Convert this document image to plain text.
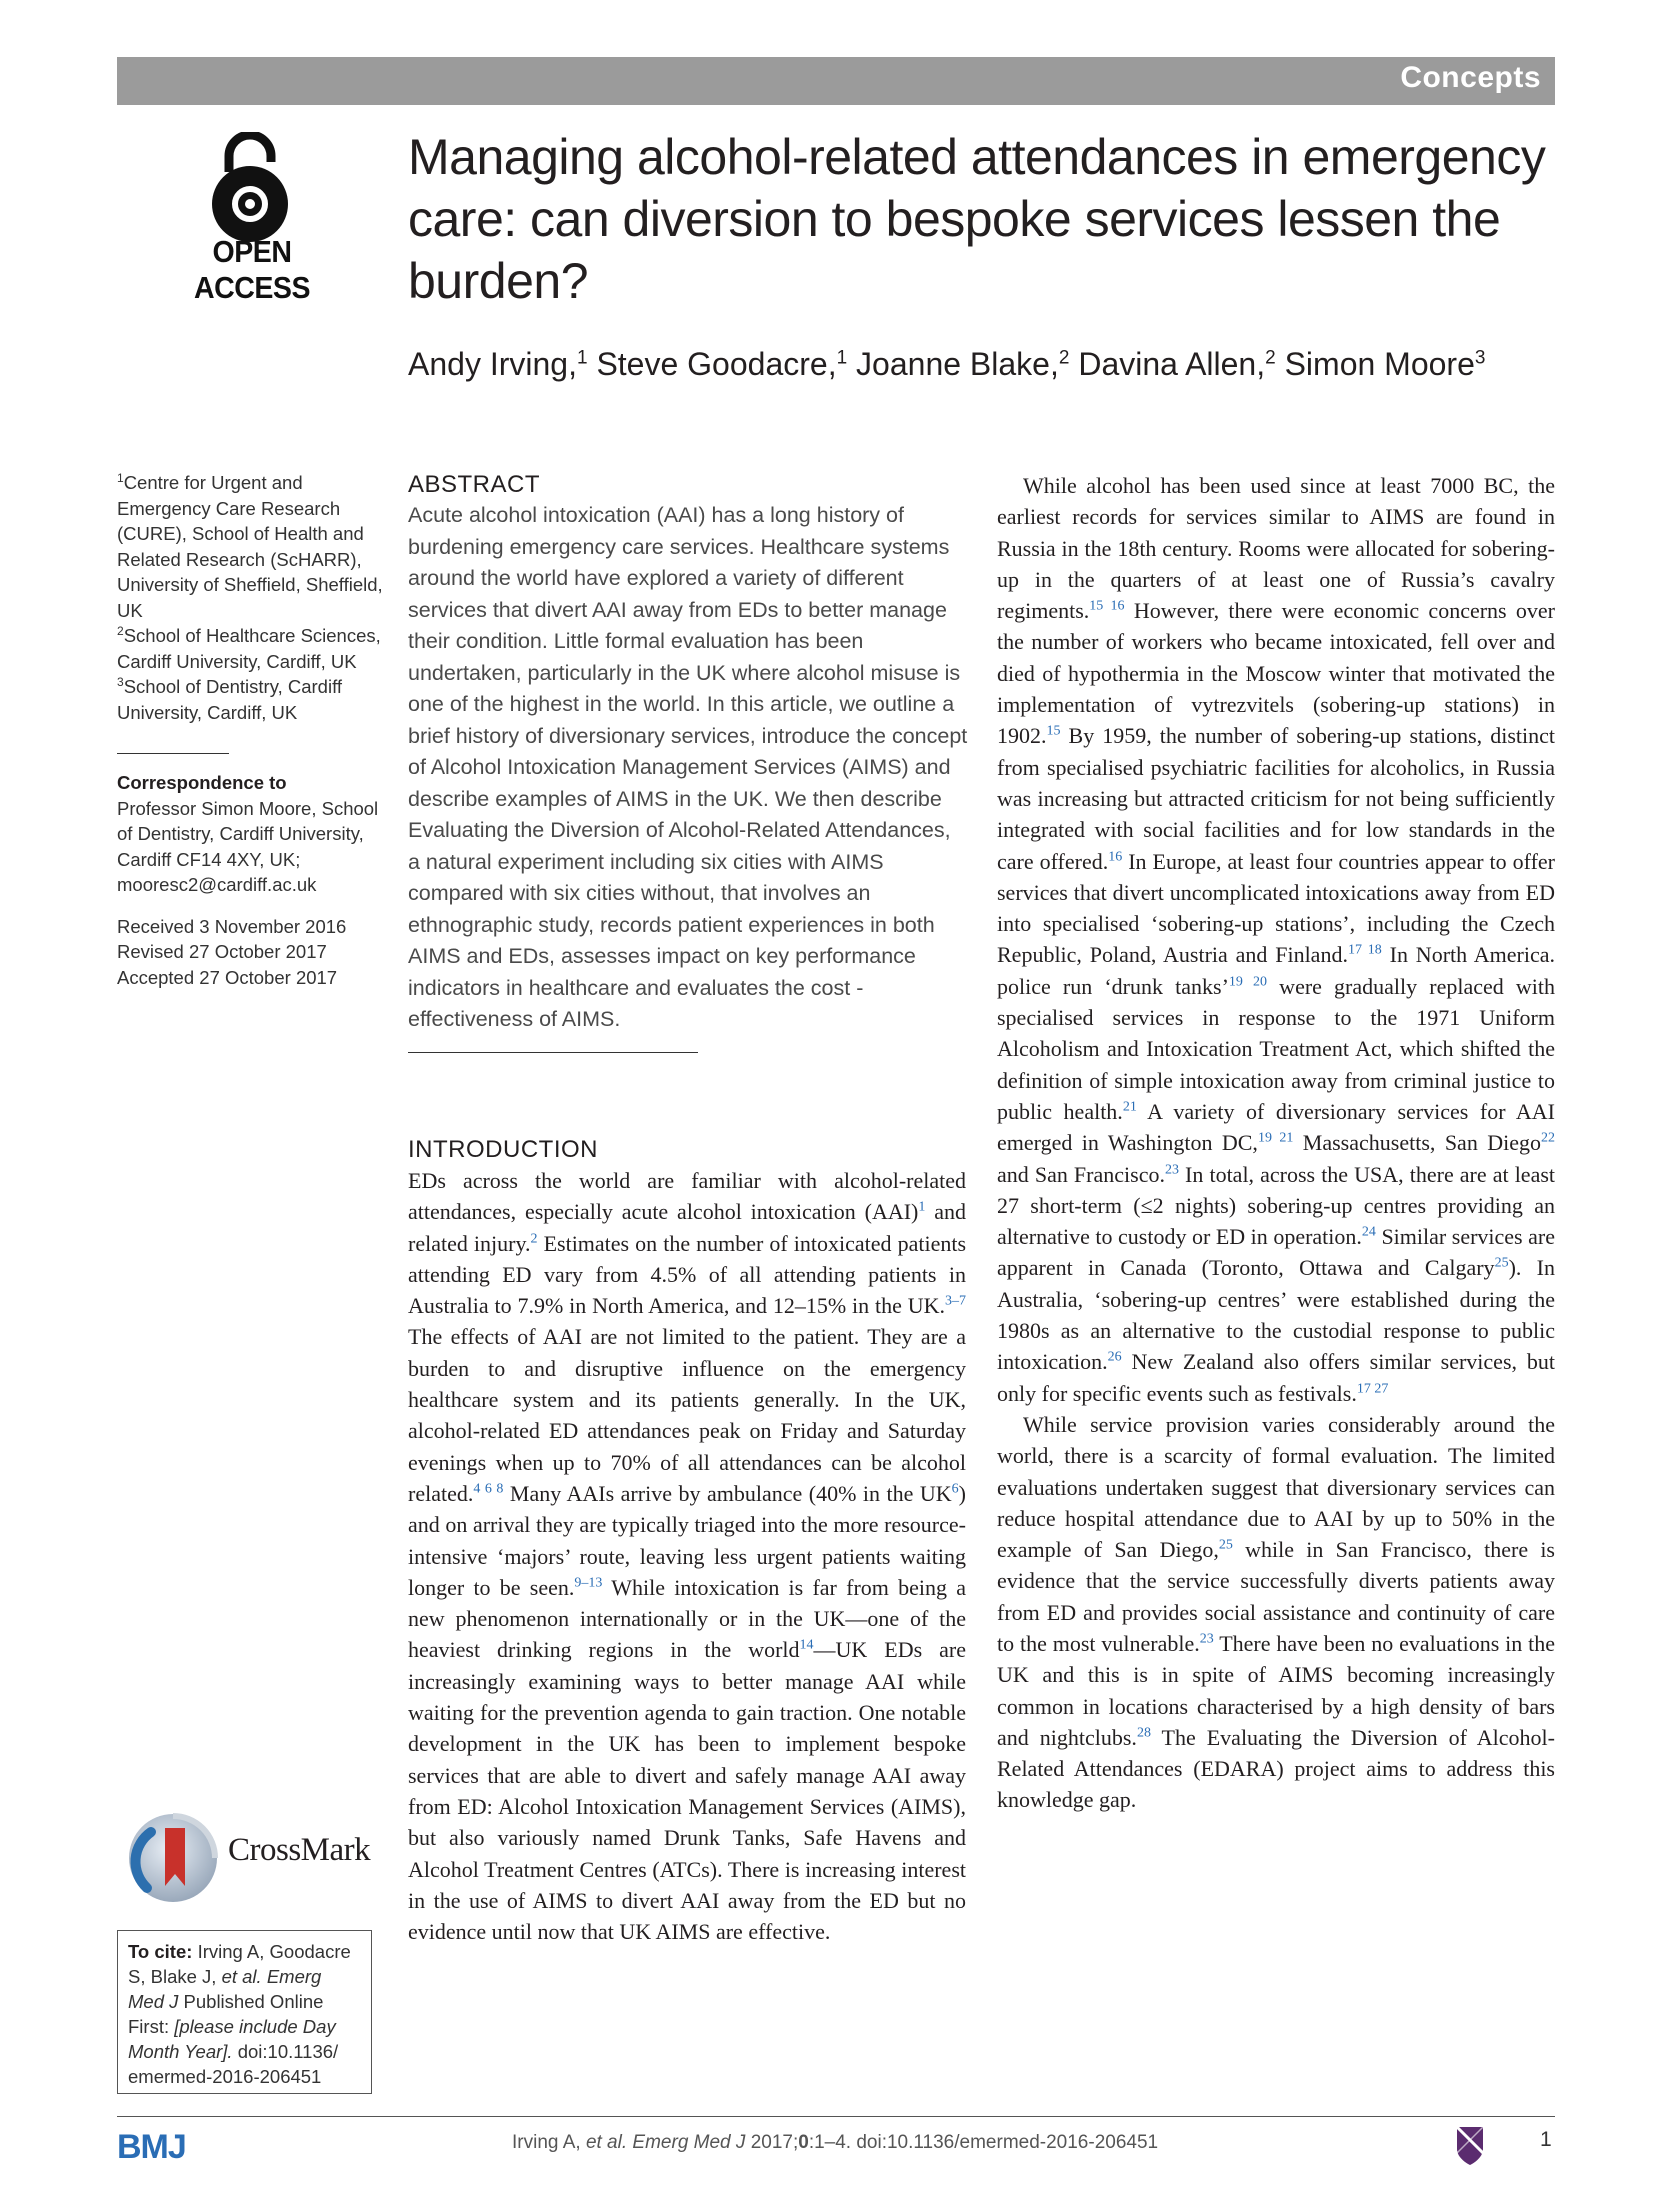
Concepts
OPEN ACCESS
Managing alcohol-related attendances in emergency care: can diversion to bespoke services lessen the burden?
Andy Irving,$^1$ Steve Goodacre,$^1$ Joanne Blake,$^2$ Davina Allen,$^2$ Simon Moore$^3$

$^1$Centre for Urgent and Emergency Care Research (CURE), School of Health and Related Research (ScHARR), University of Sheffield, Sheffield, UK

$^2$School of Healthcare Sciences, Cardiff University, Cardiff, UK

$^3$School of Dentistry, Cardiff University, Cardiff, UK

Correspondence to

Professor Simon Moore, School of Dentistry, Cardiff University, Cardiff CF14 4XY, UK; mooresc2@cardiff.ac.uk

Received 3 November 2016
Revised 27 October 2017
Accepted 27 October 2017
CrossMark
To cite: Irving A, Goodacre S, Blake J, et al. Emerg Med J Published Online First: [please include Day Month Year]. doi:10.1136/ emermed-2016-206451
ABSTRACT

Acute alcohol intoxication (AAI) has a long history of burdening emergency care services. Healthcare systems around the world have explored a variety of different services that divert AAI away from EDs to better manage their condition. Little formal evaluation has been undertaken, particularly in the UK where alcohol misuse is one of the highest in the world. In this article, we outline a brief history of diversionary services, introduce the concept of Alcohol Intoxication Management Services (AIMS) and describe examples of AIMS in the UK. We then describe Evaluating the Diversion of Alcohol-Related Attendances, a natural experiment including six cities with AIMS compared with six cities without, that involves an ethnographic study, records patient experiences in both AIMS and EDs, assesses impact on key performance indicators in healthcare and evaluates the cost -effectiveness of AIMS.

INTRODUCTION

EDs across the world are familiar with alcohol-related attendances, especially acute alcohol intoxication (AAI)$^1$ and related injury.$^2$ Estimates on the number of intoxicated patients attending ED vary from 4.5% of all attending patients in Australia to 7.9% in North America, and 12–15% in the UK.$^{3-7}$ The effects of AAI are not limited to the patient. They are a burden to and disruptive influence on the emergency healthcare system and its patients generally. In the UK, alcohol-related ED attendances peak on Friday and Saturday evenings when up to 70% of all attendances can be alcohol related.$^{4 6 8}$ Many AAIs arrive by ambulance (40% in the $UK^6$) and on arrival they are typically triaged into the more resource-intensive ‘majors’ route, leaving less urgent patients waiting longer to be seen.$^{9-13}$ While intoxication is far from being a new phenomenon internationally or in the UK—one of the heaviest drinking regions in the world$^{14}$—UK EDs are increasingly examining ways to better manage AAI while waiting for the prevention agenda to gain traction. One notable development in the UK has been to implement bespoke services that are able to divert and safely manage AAI away from ED: Alcohol Intoxication Management Services (AIMS), but also variously named Drunk Tanks, Safe Havens and Alcohol Treatment Centres (ATCs). There is increasing interest in the use of AIMS to divert AAI away from the ED but no evidence until now that UK AIMS are effective.

While alcohol has been used since at least 7000 BC, the earliest records for services similar to AIMS are found in Russia in the 18th century. Rooms were allocated for sobering-up in the quarters of at least one of Russia’s cavalry regiments.$^{15 16}$ However, there were economic concerns over the number of workers who became intoxicated, fell over and died of hypothermia in the Moscow winter that motivated the implementation of vytrezvitels (sobering-up stations) in 1902.15 By 1959, the number of sobering-up stations, distinct from specialised psychiatric facilities for alcoholics, in Russia was increasing but attracted criticism for not being sufficiently integrated with social facilities and for low standards in the care offered.$^{16}$ In Europe, at least four countries appear to offer services that divert uncomplicated intoxications away from ED into specialised ‘sobering-up stations’, including the Czech Republic, Poland, Austria and Finland.$^{17 18}$ In North America. police run ‘drunk tanks’$^{19 20}$ were gradually replaced with specialised services in response to the 1971 Uniform Alcoholism and Intoxication Treatment Act, which shifted the definition of simple intoxication away from criminal justice to public health.$^{21}$ A variety of diversionary services for AAI emerged in Washington DC,$^{19 21}$ Massachusetts, San Diego$^{22}$ and San Francisco.$^{23}$ In total, across the USA, there are at least 27 short-term (≤2 nights) sobering-up centres providing an alternative to custody or ED in operation.$^{24}$ Similar services are apparent in Canada (Toronto, Ottawa and Calgary$^{25}$). In Australia, ‘sobering-up centres’ were established during the 1980s as an alternative to the custodial response to public intoxication.$^{26}$ New Zealand also offers similar services, but only for specific events such as festivals.$^{17 27}$

While service provision varies considerably around the world, there is a scarcity of formal evaluation. The limited evaluations undertaken suggest that diversionary services can reduce hospital attendance due to AAI by up to 50% in the example of San Diego,$^{25}$ while in San Francisco, there is evidence that the service successfully diverts patients away from ED and provides social assistance and continuity of care to the most vulnerable.$^{23}$ There have been no evaluations in the UK and this is in spite of AIMS becoming increasingly common in locations characterised by a high density of bars and nightclubs.$^{28}$ The Evaluating the Diversion of Alcohol-Related Attendances (EDARA) project aims to address this knowledge gap.

BMJ	Irving A, et al. Emerg Med J 2017;0:1–4. doi:10.1136/emermed-2016-206451	1
